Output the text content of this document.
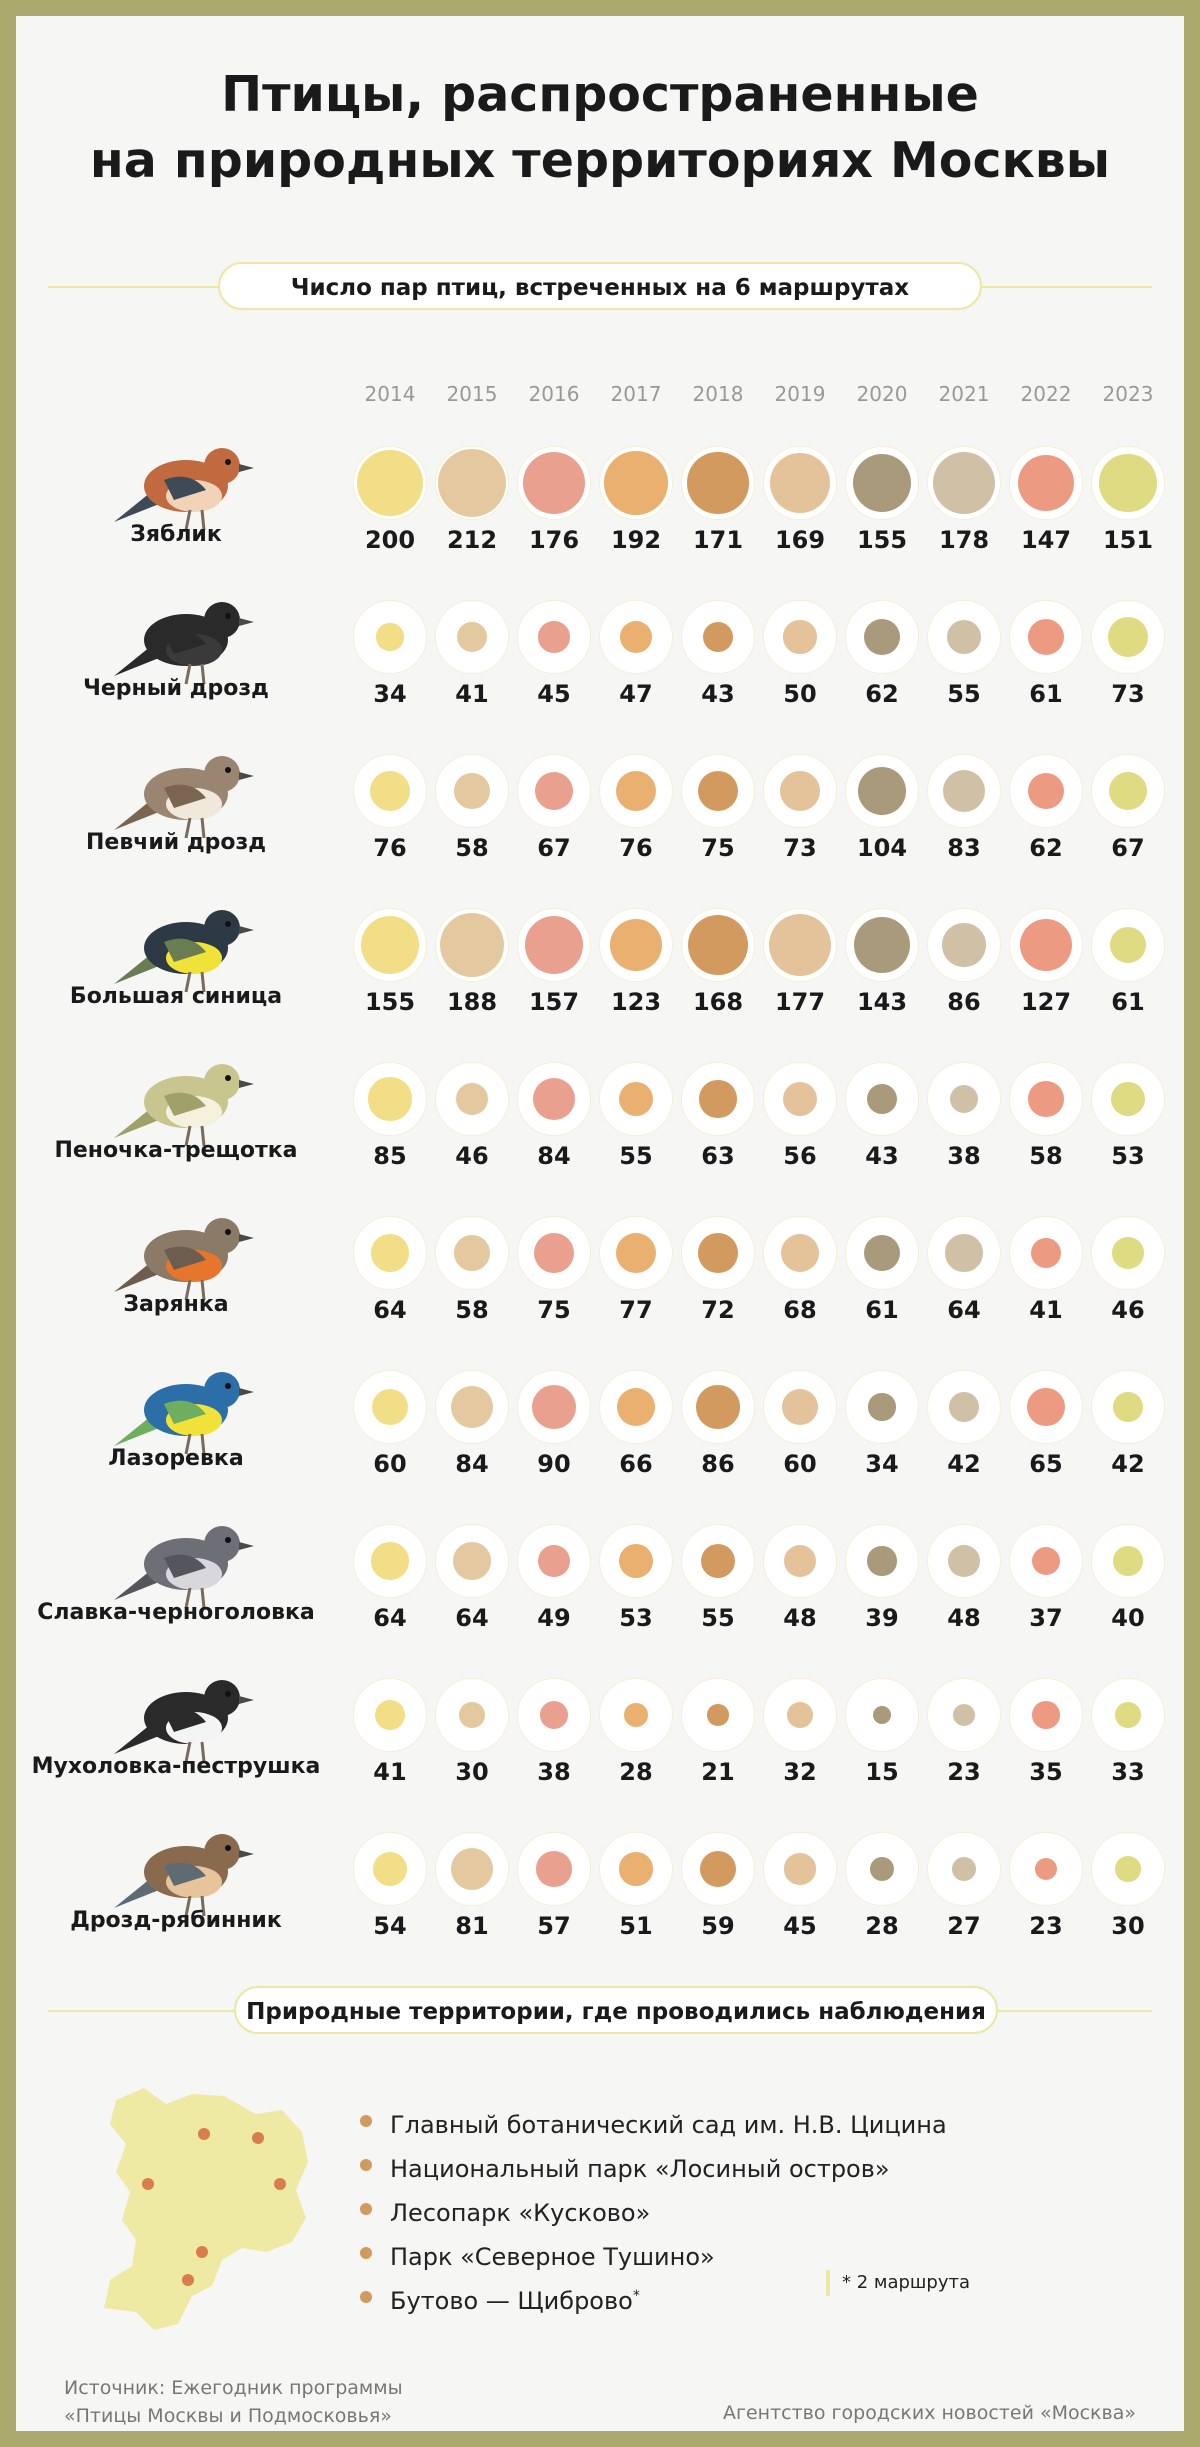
Птицы, распространенные
на природных территориях Москвы
Число пар птиц, встреченных на 6 маршрутах
2014	2015	2016	2017	2018	2019	2020	2021	2022	2023
Зяблик	200	212	176	192	171	169	155	178	147	151
Черный дрозд	34	41	45	47	43	50	62	55	61	73
Певчий дрозд	76	58	67	76	75	73	104	83	62	67
Большая синица	155	188	157	123	168	177	143	86	127	61
Пеночка-трещотка	85	46	84	55	63	56	43	38	58	53
Зарянка	64	58	75	77	72	68	61	64	41	46
Лазоревка	60	84	90	66	86	60	34	42	65	42
Славка-черноголовка	64	64	49	53	55	48	39	48	37	40
Мухоловка-пеструшка	41	30	38	28	21	32	15	23	35	33
Дрозд-рябинник	54	81	57	51	59	45	28	27	23	30
Природные территории, где проводились наблюдения
Главный ботанический сад им. Н.В. Цицина
Национальный парк «Лосиный остров»
Лесопарк «Кусково»
Парк «Северное Тушино»
Бутово — Щиброво*
* 2 маршрута
Источник: Ежегодник программы
«Птицы Москвы и Подмосковья»	Агентство городских новостей «Москва»
